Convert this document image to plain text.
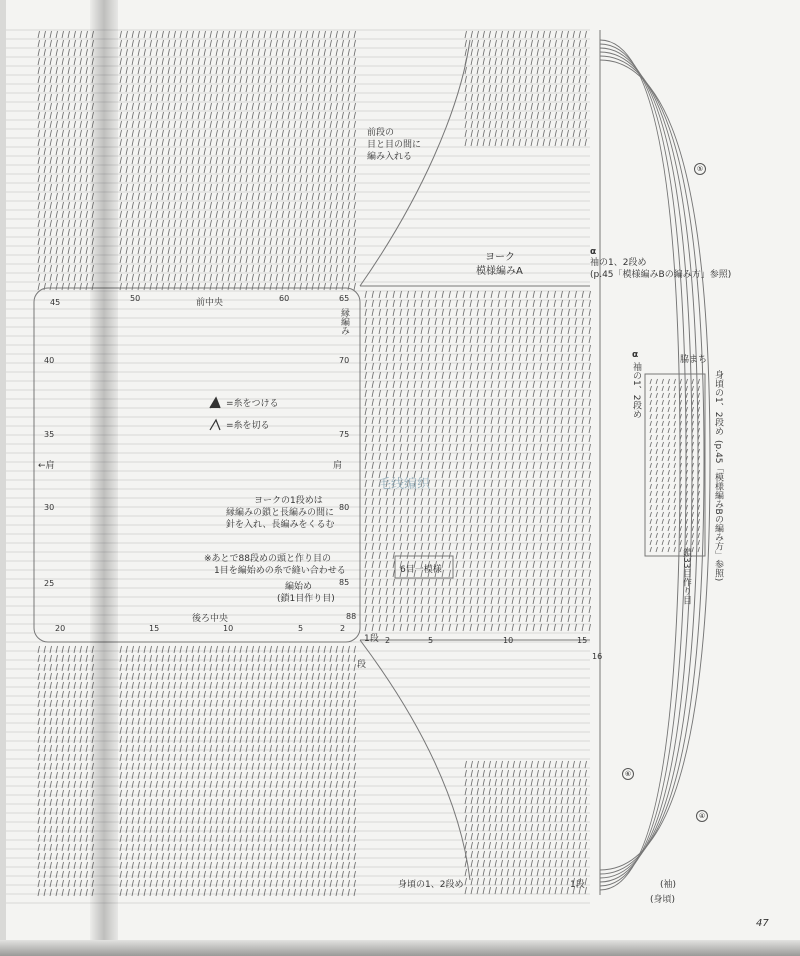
ヨーク
模様編みA
前段の
目と目の間に
編み入れる
前中央
後ろ中央
縁編み
←肩	肩
=糸をつける
=糸を切る
ヨークの1段めは
縁編みの鎖と長編みの間に
針を入れ、長編みをくるむ
※あとで88段めの頭と作り目の
1目を編始めの糸で縫い合わせる
編始め
(鎖1目作り目)
6目一模様
α
袖の1、2段め
(p.45「模様編みBの編み方」参照)
α
袖の1、2段め
脇まち
身頃の1、2段め
(p.45「模様編みBの編み方」参照)
鎖33目作り目
身頃の1、2段め
1段
段
1段	(袖)
(身頃)
47
毛线编织
45
40
35
30
25
20
50	60	65
70
75
80
85
88
15	10	5	2
2	5	10	15
16
⑤
⑥
④
